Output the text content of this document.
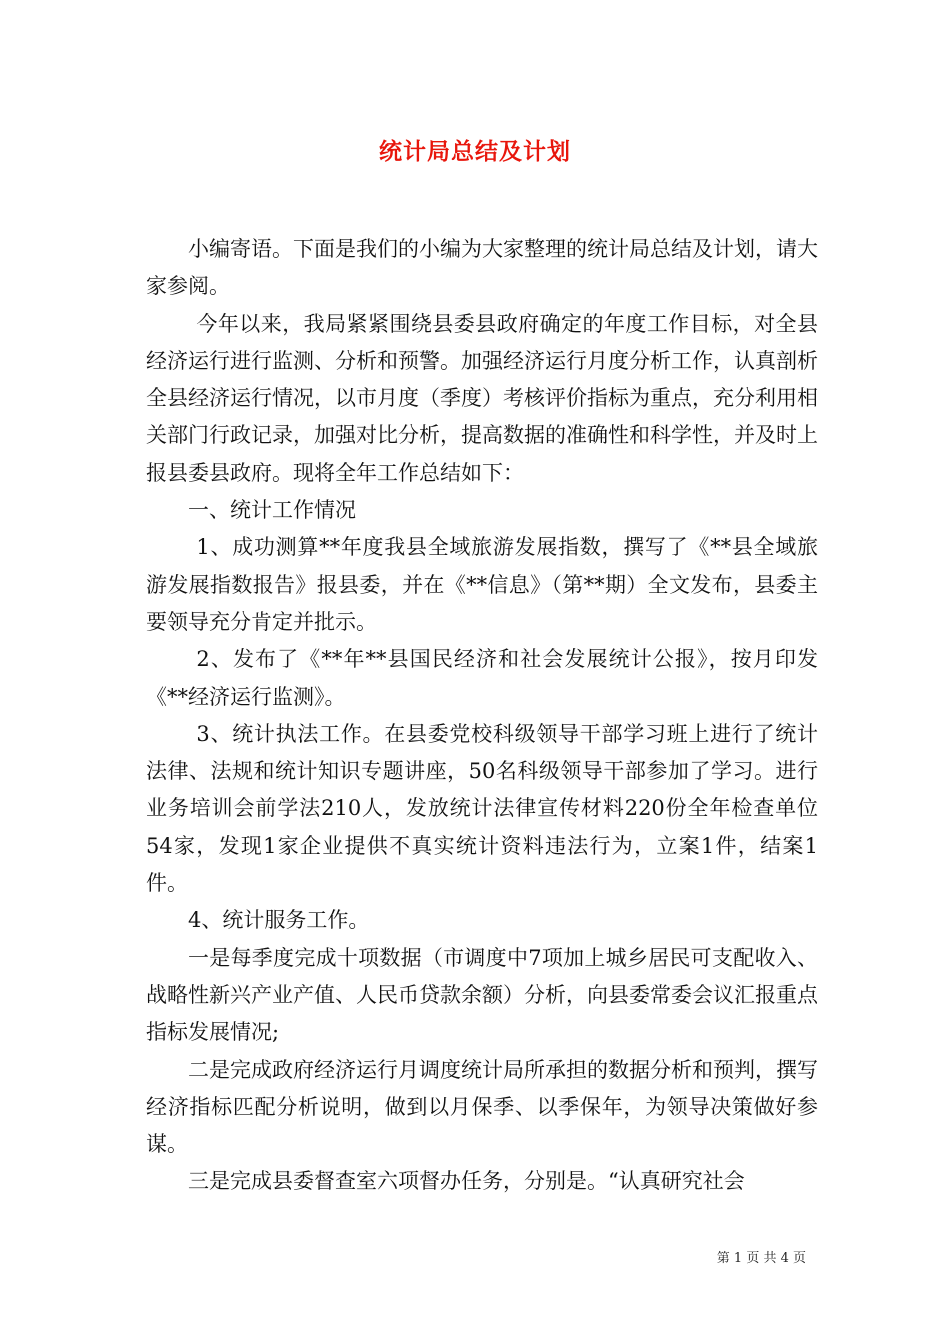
统计局总结及计划

小编寄语。下面是我们的小编为大家整理的统计局总结及计划，请大家参阅。

今年以来，我局紧紧围绕县委县政府确定的年度工作目标，对全县经济运行进行监测、分析和预警。加强经济运行月度分析工作，认真剖析全县经济运行情况，以市月度（季度）考核评价指标为重点，充分利用相关部门行政记录，加强对比分析，提高数据的准确性和科学性，并及时上报县委县政府。现将全年工作总结如下：

一、统计工作情况

1、成功测算**年度我县全域旅游发展指数，撰写了《**县全域旅游发展指数报告》报县委，并在《**信息》（第**期）全文发布，县委主要领导充分肯定并批示。

2、发布了《**年**县国民经济和社会发展统计公报》，按月印发《**经济运行监测》。

3、统计执法工作。在县委党校科级领导干部学习班上进行了统计法律、法规和统计知识专题讲座，50名科级领导干部参加了学习。进行业务培训会前学法210人，发放统计法律宣传材料220份全年检查单位54家，发现1家企业提供不真实统计资料违法行为，立案1件，结案1件。

4、统计服务工作。

一是每季度完成十项数据（市调度中7项加上城乡居民可支配收入、战略性新兴产业产值、人民币贷款余额）分析，向县委常委会议汇报重点指标发展情况;

二是完成政府经济运行月调度统计局所承担的数据分析和预判，撰写经济指标匹配分析说明，做到以月保季、以季保年，为领导决策做好参谋。

三是完成县委督查室六项督办任务，分别是。“认真研究社会

第 1 页 共 4 页
